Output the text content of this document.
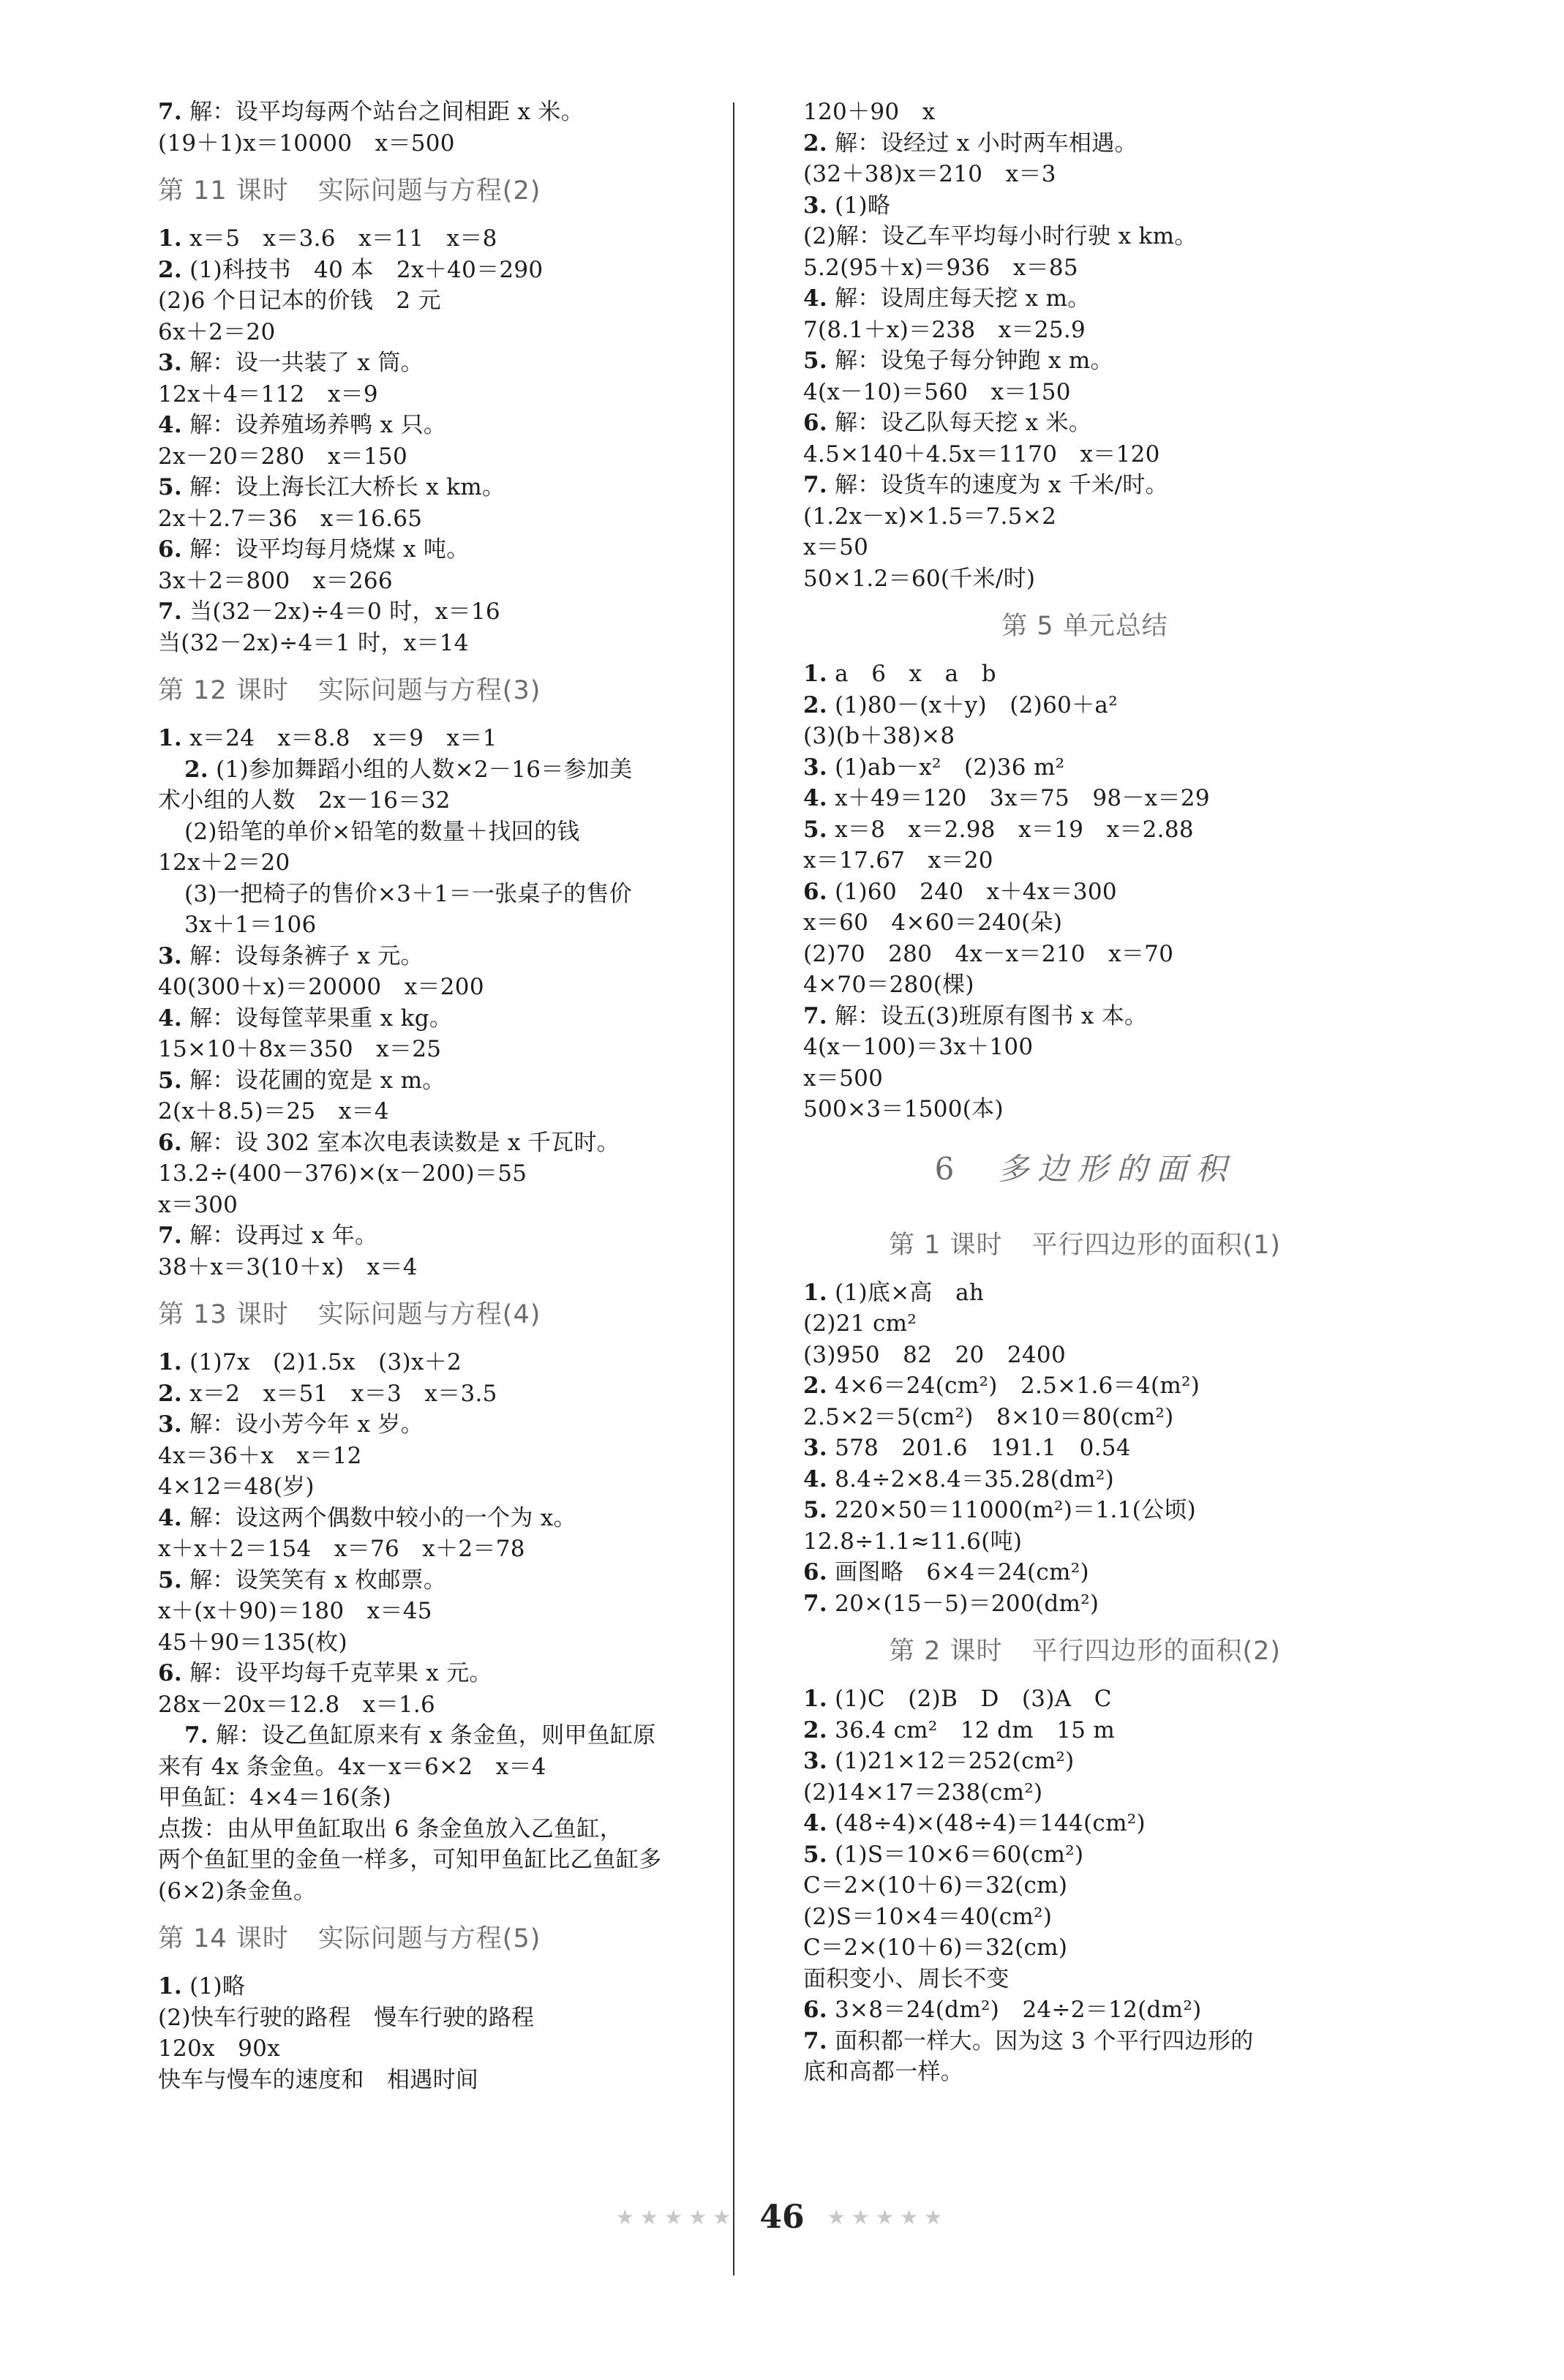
7. 解：设平均每两个站台之间相距 x 米。
(19＋1)x＝10000　x＝500
第 11 课时 实际问题与方程(2)
1. x＝5　x＝3.6　x＝11　x＝8
2. (1)科技书　40 本　2x＋40＝290
(2)6 个日记本的价钱　2 元
6x＋2＝20
3. 解：设一共装了 x 筒。
12x＋4＝112　x＝9
4. 解：设养殖场养鸭 x 只。
2x－20＝280　x＝150
5. 解：设上海长江大桥长 x km。
2x＋2.7＝36　x＝16.65
6. 解：设平均每月烧煤 x 吨。
3x＋2＝800　x＝266
7. 当(32－2x)÷4＝0 时，x＝16
当(32－2x)÷4＝1 时，x＝14
第 12 课时 实际问题与方程(3)
1. x＝24　x＝8.8　x＝9　x＝1
2. (1)参加舞蹈小组的人数×2－16＝参加美
术小组的人数　2x－16＝32
(2)铅笔的单价×铅笔的数量＋找回的钱
12x＋2＝20
(3)一把椅子的售价×3＋1＝一张桌子的售价
3x＋1＝106
3. 解：设每条裤子 x 元。
40(300＋x)＝20000　x＝200
4. 解：设每筐苹果重 x kg。
15×10＋8x＝350　x＝25
5. 解：设花圃的宽是 x m。
2(x＋8.5)＝25　x＝4
6. 解：设 302 室本次电表读数是 x 千瓦时。
13.2÷(400－376)×(x－200)＝55
x＝300
7. 解：设再过 x 年。
38＋x＝3(10＋x)　x＝4
第 13 课时 实际问题与方程(4)
1. (1)7x　(2)1.5x　(3)x＋2
2. x＝2　x＝51　x＝3　x＝3.5
3. 解：设小芳今年 x 岁。
4x＝36＋x　x＝12
4×12＝48(岁)
4. 解：设这两个偶数中较小的一个为 x。
x＋x＋2＝154　x＝76　x＋2＝78
5. 解：设笑笑有 x 枚邮票。
x＋(x＋90)＝180　x＝45
45＋90＝135(枚)
6. 解：设平均每千克苹果 x 元。
28x－20x＝12.8　x＝1.6
7. 解：设乙鱼缸原来有 x 条金鱼，则甲鱼缸原
来有 4x 条金鱼。4x－x＝6×2　x＝4
甲鱼缸：4×4＝16(条)
点拨：由从甲鱼缸取出 6 条金鱼放入乙鱼缸，
两个鱼缸里的金鱼一样多，可知甲鱼缸比乙鱼缸多
(6×2)条金鱼。
第 14 课时 实际问题与方程(5)
1. (1)略
(2)快车行驶的路程　慢车行驶的路程
120x　90x
快车与慢车的速度和　相遇时间
120＋90　x
2. 解：设经过 x 小时两车相遇。
(32＋38)x＝210　x＝3
3. (1)略
(2)解：设乙车平均每小时行驶 x km。
5.2(95＋x)＝936　x＝85
4. 解：设周庄每天挖 x m。
7(8.1＋x)＝238　x＝25.9
5. 解：设兔子每分钟跑 x m。
4(x－10)＝560　x＝150
6. 解：设乙队每天挖 x 米。
4.5×140＋4.5x＝1170　x＝120
7. 解：设货车的速度为 x 千米/时。
(1.2x－x)×1.5＝7.5×2
x＝50
50×1.2＝60(千米/时)
第 5 单元总结
1. a　6　x　a　b
2. (1)80－(x＋y)　(2)60＋a²
(3)(b＋38)×8
3. (1)ab－x²　(2)36 m²
4. x＋49＝120　3x＝75　98－x＝29
5. x＝8　x＝2.98　x＝19　x＝2.88
x＝17.67　x＝20
6. (1)60　240　x＋4x＝300
x＝60　4×60＝240(朵)
(2)70　280　4x－x＝210　x＝70
4×70＝280(棵)
7. 解：设五(3)班原有图书 x 本。
4(x－100)＝3x＋100
x＝500
500×3＝1500(本)
6 多边形的面积
第 1 课时 平行四边形的面积(1)
1. (1)底×高　ah
(2)21 cm²
(3)950　82　20　2400
2. 4×6＝24(cm²)　2.5×1.6＝4(m²)
2.5×2＝5(cm²)　8×10＝80(cm²)
3. 578　201.6　191.1　0.54
4. 8.4÷2×8.4＝35.28(dm²)
5. 220×50＝11000(m²)＝1.1(公顷)
12.8÷1.1≈11.6(吨)
6. 画图略　6×4＝24(cm²)
7. 20×(15－5)＝200(dm²)
第 2 课时 平行四边形的面积(2)
1. (1)C　(2)B　D　(3)A　C
2. 36.4 cm²　12 dm　15 m
3. (1)21×12＝252(cm²)
(2)14×17＝238(cm²)
4. (48÷4)×(48÷4)＝144(cm²)
5. (1)S＝10×6＝60(cm²)
C＝2×(10＋6)＝32(cm)
(2)S＝10×4＝40(cm²)
C＝2×(10＋6)＝32(cm)
面积变小、周长不变
6. 3×8＝24(dm²)　24÷2＝12(dm²)
7. 面积都一样大。因为这 3 个平行四边形的
底和高都一样。
★★★★★ 46 ★★★★★
